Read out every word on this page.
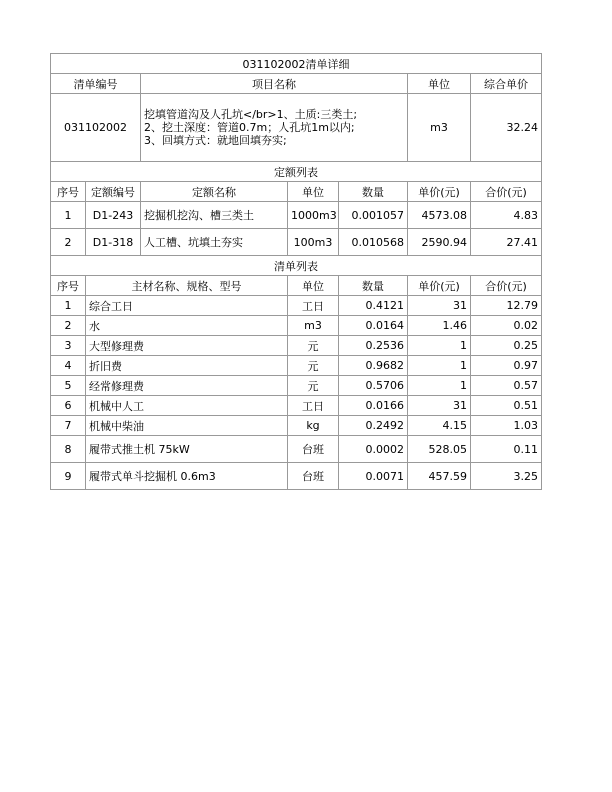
031102002清单详细						
清单编号		项目名称			单位	综合单价
031102002		挖填管道沟及人孔坑</br>1、土质:三类土;
2、挖土深度：管道0.7m；人孔坑1m以内;
3、回填方式：就地回填夯实;			m3	32.24
定额列表						
序号	定额编号	定额名称	单位	数量	单价(元)	合价(元)
1	D1-243	挖掘机挖沟、槽三类土	1000m3	0.001057	4573.08	4.83
2	D1-318	人工槽、坑填土夯实	100m3	0.010568	2590.94	27.41
清单列表						
序号	主材名称、规格、型号		单位	数量	单价(元)	合价(元)
1	综合工日		工日	0.4121	31	12.79
2	水		m3	0.0164	1.46	0.02
3	大型修理费		元	0.2536	1	0.25
4	折旧费		元	0.9682	1	0.97
5	经常修理费		元	0.5706	1	0.57
6	机械中人工		工日	0.0166	31	0.51
7	机械中柴油		kg	0.2492	4.15	1.03
8	履带式推土机 75kW		台班	0.0002	528.05	0.11
9	履带式单斗挖掘机 0.6m3		台班	0.0071	457.59	3.25
